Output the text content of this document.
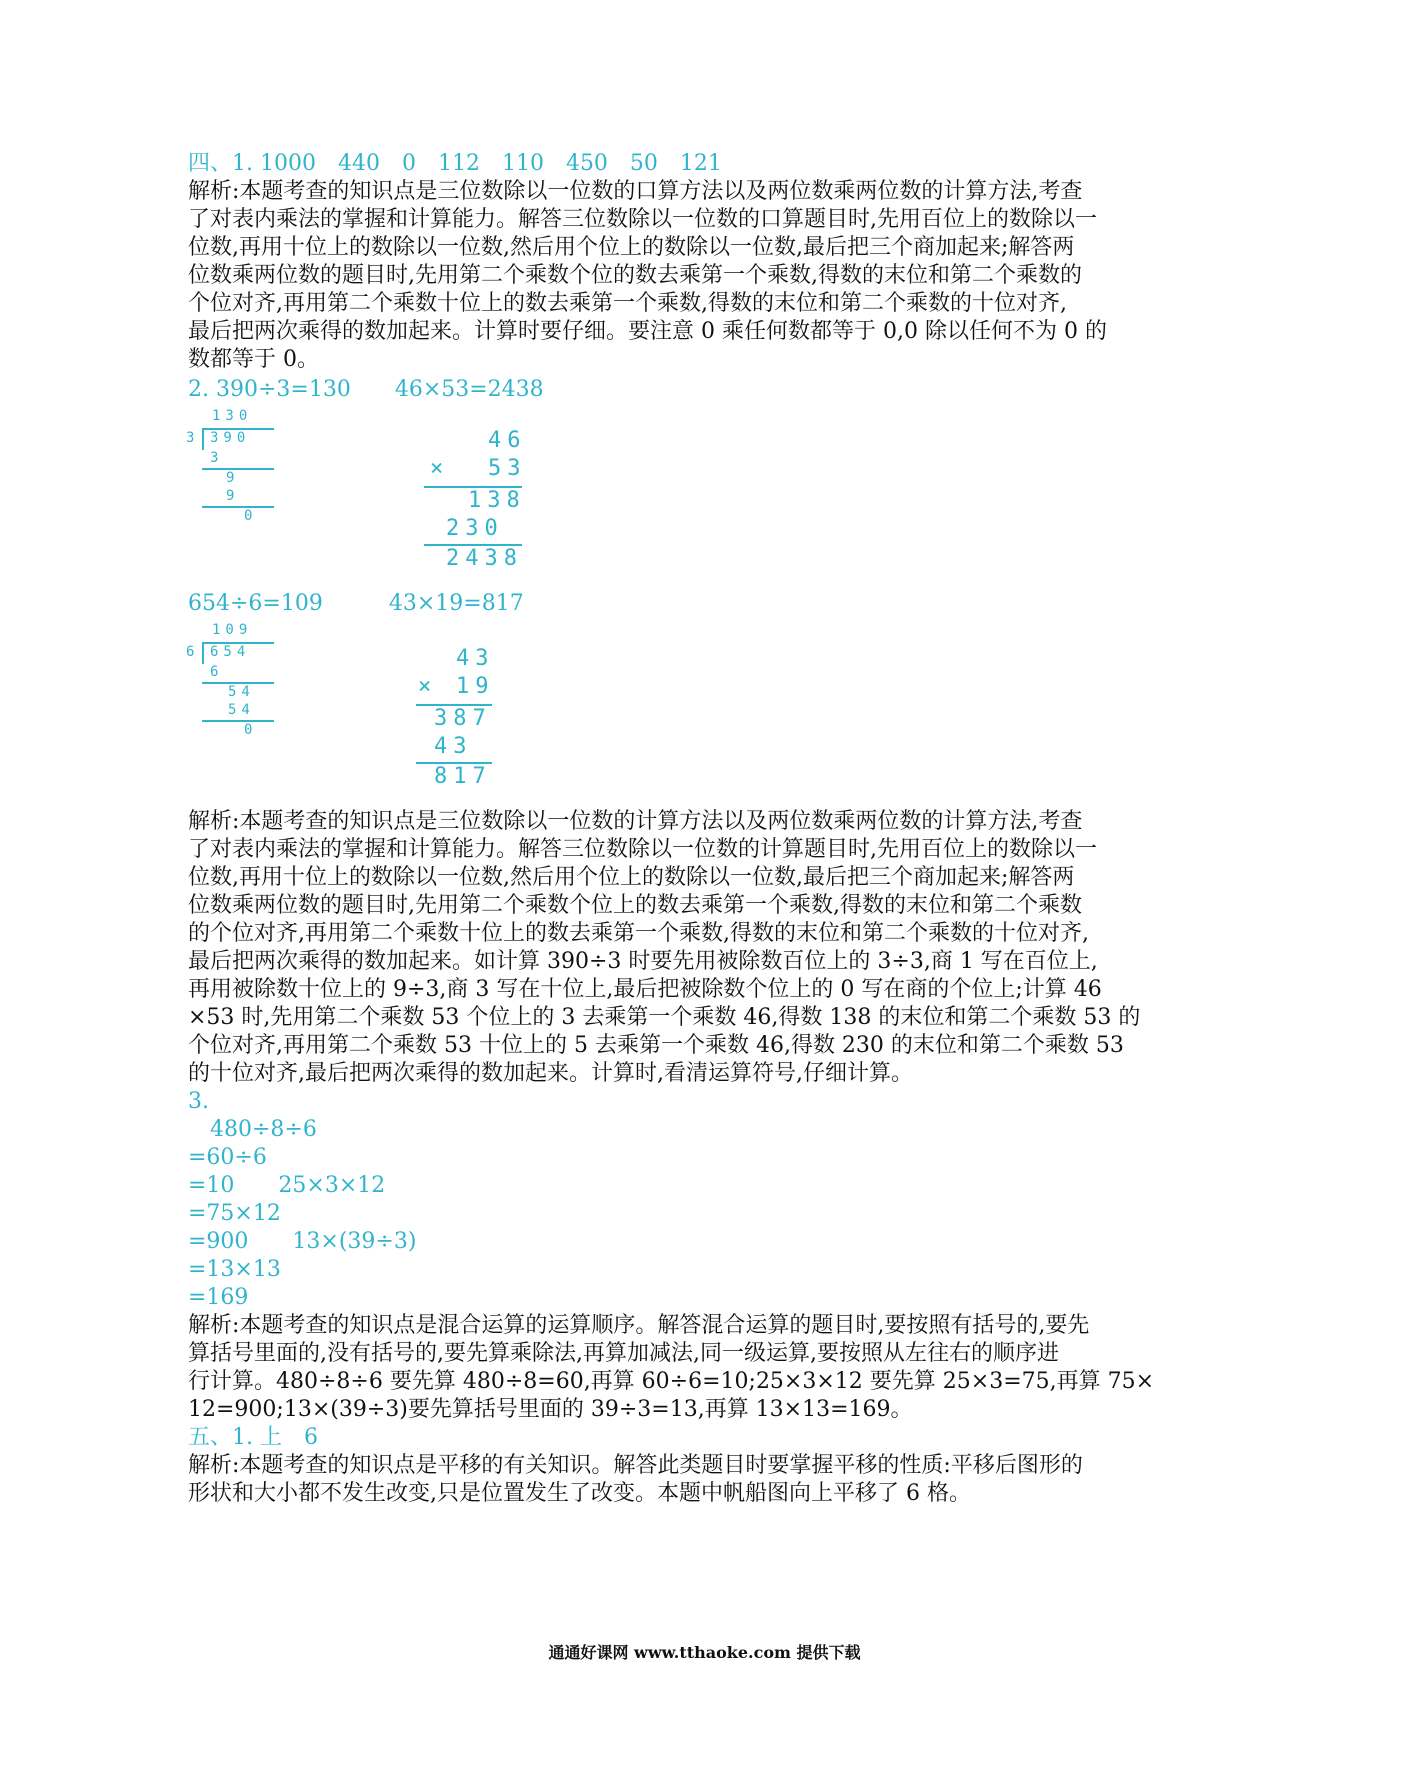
四、1. 1000　440　0　112　110　450　50　121
解析:本题考查的知识点是三位数除以一位数的口算方法以及两位数乘两位数的计算方法,考查
了对表内乘法的掌握和计算能力。解答三位数除以一位数的口算题目时,先用百位上的数除以一
位数,再用十位上的数除以一位数,然后用个位上的数除以一位数,最后把三个商加起来;解答两
位数乘两位数的题目时,先用第二个乘数个位的数去乘第一个乘数,得数的末位和第二个乘数的
个位对齐,再用第二个乘数十位上的数去乘第一个乘数,得数的末位和第二个乘数的十位对齐,
最后把两次乘得的数加起来。计算时要仔细。要注意 0 乘任何数都等于 0,0 除以任何不为 0 的
数都等于 0。
2. 390÷3=130　　46×53=2438
130
3 390
3
9
9
0
46
× 53
138
230
2438
654÷6=109　　　43×19=817
109
6 654
6
54
54
0
43
× 19
387
43
817
解析:本题考查的知识点是三位数除以一位数的计算方法以及两位数乘两位数的计算方法,考查
了对表内乘法的掌握和计算能力。解答三位数除以一位数的计算题目时,先用百位上的数除以一
位数,再用十位上的数除以一位数,然后用个位上的数除以一位数,最后把三个商加起来;解答两
位数乘两位数的题目时,先用第二个乘数个位上的数去乘第一个乘数,得数的末位和第二个乘数
的个位对齐,再用第二个乘数十位上的数去乘第一个乘数,得数的末位和第二个乘数的十位对齐,
最后把两次乘得的数加起来。如计算 390÷3 时要先用被除数百位上的 3÷3,商 1 写在百位上,
再用被除数十位上的 9÷3,商 3 写在十位上,最后把被除数个位上的 0 写在商的个位上;计算 46
×53 时,先用第二个乘数 53 个位上的 3 去乘第一个乘数 46,得数 138 的末位和第二个乘数 53 的
个位对齐,再用第二个乘数 53 十位上的 5 去乘第一个乘数 46,得数 230 的末位和第二个乘数 53
的十位对齐,最后把两次乘得的数加起来。计算时,看清运算符号,仔细计算。
3.
　480÷8÷6
=60÷6
=10　　25×3×12
=75×12
=900　　13×(39÷3)
=13×13
=169
解析:本题考查的知识点是混合运算的运算顺序。解答混合运算的题目时,要按照有括号的,要先
算括号里面的,没有括号的,要先算乘除法,再算加减法,同一级运算,要按照从左往右的顺序进
行计算。480÷8÷6 要先算 480÷8=60,再算 60÷6=10;25×3×12 要先算 25×3=75,再算 75×
12=900;13×(39÷3)要先算括号里面的 39÷3=13,再算 13×13=169。
五、1. 上　6
解析:本题考查的知识点是平移的有关知识。解答此类题目时要掌握平移的性质:平移后图形的
形状和大小都不发生改变,只是位置发生了改变。本题中帆船图向上平移了 6 格。
通通好课网 www.tthaoke.com 提供下载
